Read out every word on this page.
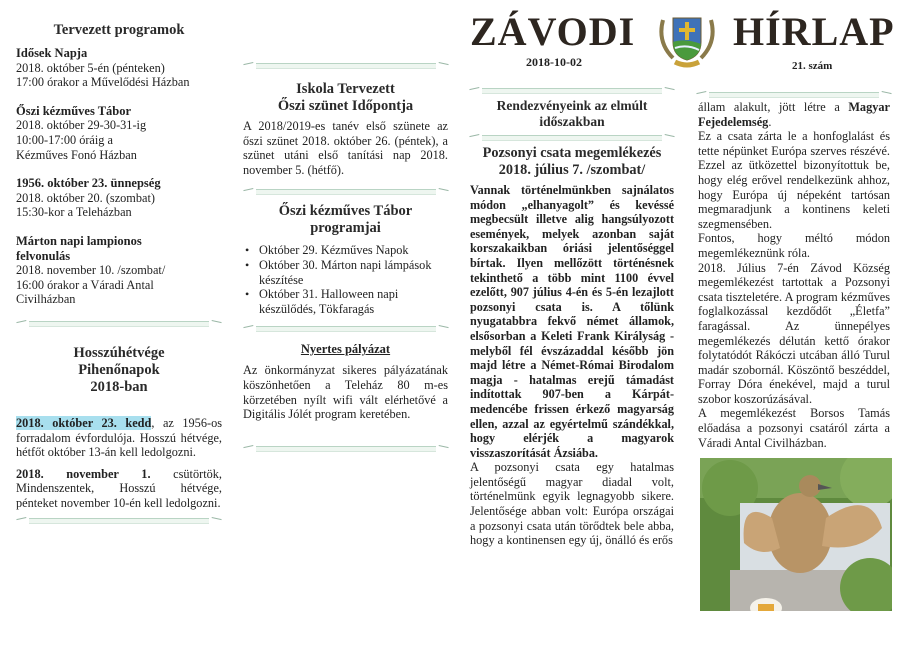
ZÁVODI HÍRLAP
2018-10-02	21. szám
Tervezett programok

Idősek Napja

2018. október 5-én (pénteken)

17:00 órakor a Művelődési Házban

Őszi kézműves Tábor

2018. október 29-30-31-ig

10:00-17:00 óráig a

Kézműves Fonó Házban

1956. október 23. ünnepség

2018. október 20. (szombat)

15:30-kor a Teleházban

Márton napi lampionos felvonulás

2018. november 10. /szombat/

16:00 órakor a Váradi Antal

Civilházban

Hosszúhétvége
Pihenőnapok
2018-ban

2018. október 23. kedd, az 1956-os forradalom évfordulója. Hosszú hétvége, hétfőt október 13-án kell ledolgozni.

2018. november 1. csütörtök, Mindenszentek, Hosszú hétvége, pénteket november 10-én kell ledolgozni.

Iskola Tervezett
Őszi szünet Időpontja

A 2018/2019-es tanév első szünete az őszi szünet 2018. október 26. (péntek), a szünet utáni első tanítási nap 2018. november 5. (hétfő).

Őszi kézműves Tábor
programjai
• Október 29. Kézműves Napok
• Október 30. Márton napi lámpások készítése
• Október 31. Halloween napi készülődés, Tökfaragás
Nyertes pályázat

Az önkormányzat sikeres pályázatának köszönhetően a Teleház 80 m-es körzetében nyílt wifi vált elérhetővé a Digitális Jólét program keretében.

Rendezvényeink az elmúlt
időszakban
Pozsonyi csata megemlékezés
2018. július 7. /szombat/

Vannak történelmünkben sajnálatos módon „elhanyagolt” és kevéssé megbecsült illetve alig hangsúlyozott események, melyek azonban saját korszakaikban óriási jelentőséggel bírtak. Ilyen mellőzött történésnek tekinthető a több mint 1100 évvel ezelőtt, 907 július 4-én és 5-én lezajlott pozsonyi csata is. A tőlünk nyugatabbra fekvő német államok, elsősorban a Keleti Frank Királyság - melyből fél évszázaddal később jön majd létre a Német-Római Birodalom magja - hatalmas erejű támadást indítottak 907-ben a Kárpát-medencébe frissen érkező magyarság ellen, azzal az egyértelmű szándékkal, hogy elérjék a magyarok visszaszorítását Ázsiába.

A pozsonyi csata egy hatalmas jelentőségű magyar diadal volt, történelmünk egyik legnagyobb sikere. Jelentősége abban volt: Európa országai a pozsonyi csata után törődtek bele abba, hogy a kontinensen egy új, önálló és erős

állam alakult, jött létre a Magyar Fejedelemség.

Ez a csata zárta le a honfoglalást és tette népünket Európa szerves részévé. Ezzel az ütközettel bizonyítottuk be, hogy elég erővel rendelkezünk ahhoz, hogy Európa új népeként tartósan megmaradjunk a kontinens keleti szegmensében.

Fontos, hogy méltó módon megemlékeznünk róla.

2018. Július 7-én Závod Község megemlékezést tartottak a Pozsonyi csata tiszteletére. A program kézműves foglalkozással kezdődőt „Életfa” faragással. Az ünnepélyes megemlékezés délután kettő órakor folytatódót Rákóczi utcában álló Turul madár szobornál. Köszöntő beszéddel, Forray Dóra énekével, majd a turul szobor koszorúzásával.

A megemlékezést Borsos Tamás előadása a pozsonyi csatáról zárta a Váradi Antal Civilházban.
